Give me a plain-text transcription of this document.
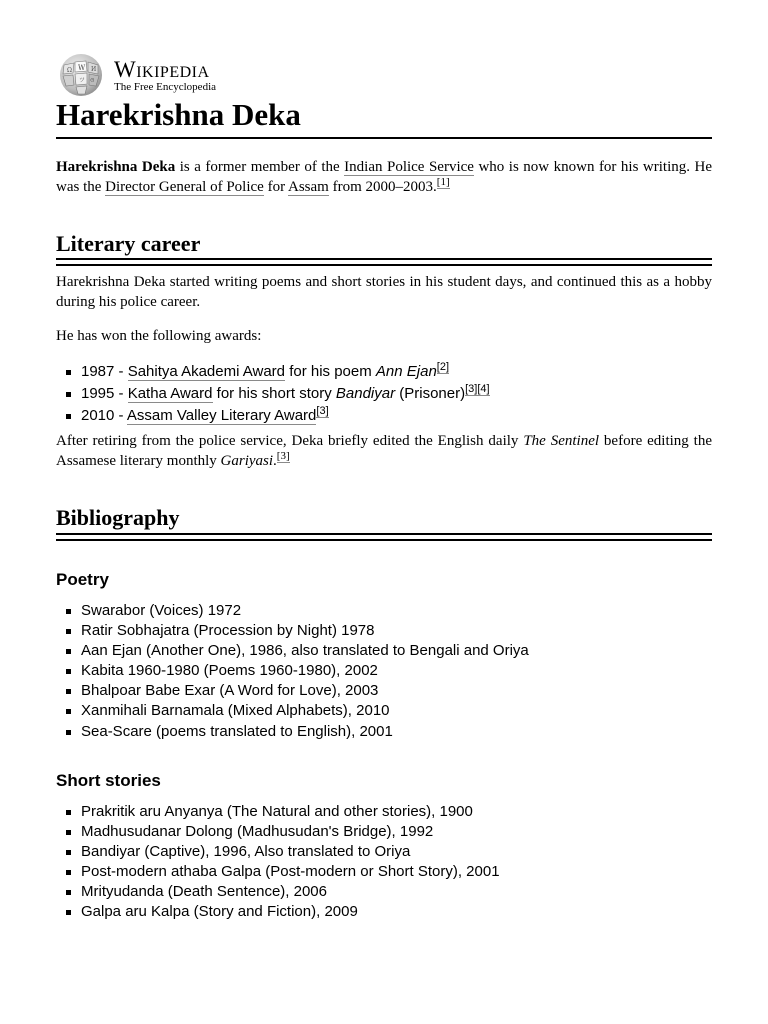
Ω W И
ツ ও Wikipedia
The Free Encyclopedia
Harekrishna Deka

Harekrishna Deka is a former member of the Indian Police Service who is now known for his writing. He was the Director General of Police for Assam from 2000–2003.[1]

Literary career

Harekrishna Deka started writing poems and short stories in his student days, and continued this as a hobby during his police career.

He has won the following awards:

1987 - Sahitya Akademi Award for his poem Ann Ejan[2]
1995 - Katha Award for his short story Bandiyar (Prisoner)[3][4]
2010 - Assam Valley Literary Award[3]

After retiring from the police service, Deka briefly edited the English daily The Sentinel before editing the Assamese literary monthly Gariyasi.[3]

Bibliography
Poetry
Swarabor (Voices) 1972
Ratir Sobhajatra (Procession by Night) 1978
Aan Ejan (Another One), 1986, also translated to Bengali and Oriya
Kabita 1960-1980 (Poems 1960-1980), 2002
Bhalpoar Babe Exar (A Word for Love), 2003
Xanmihali Barnamala (Mixed Alphabets), 2010
Sea-Scare (poems translated to English), 2001
Short stories
Prakritik aru Anyanya (The Natural and other stories), 1900
Madhusudanar Dolong (Madhusudan's Bridge), 1992
Bandiyar (Captive), 1996, Also translated to Oriya
Post-modern athaba Galpa (Post-modern or Short Story), 2001
Mrityudanda (Death Sentence), 2006
Galpa aru Kalpa (Story and Fiction), 2009
